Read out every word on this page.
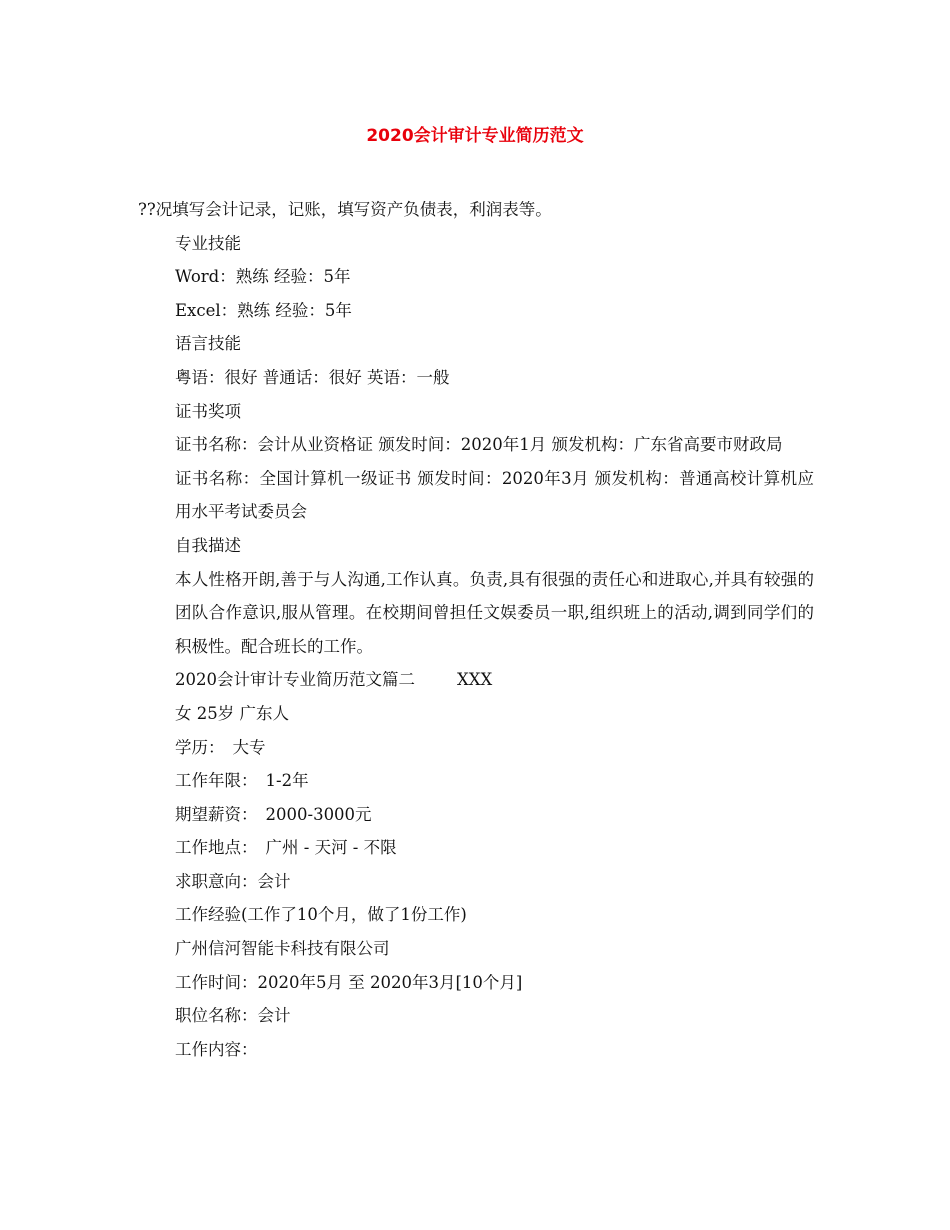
2020会计审计专业简历范文

??况填写会计记录，记账，填写资产负债表，利润表等。

专业技能

Word：熟练 经验：5年

Excel：熟练 经验：5年

语言技能

粤语：很好 普通话：很好 英语：一般

证书奖项

证书名称：会计从业资格证 颁发时间：2020年1月 颁发机构：广东省高要市财政局

证书名称：全国计算机一级证书 颁发时间：2020年3月 颁发机构：普通高校计算机应用水平考试委员会

自我描述

本人性格开朗,善于与人沟通,工作认真。负责,具有很强的责任心和进取心,并具有较强的团队合作意识,服从管理。在校期间曾担任文娱委员一职,组织班上的活动,调到同学们的积极性。配合班长的工作。

2020会计审计专业简历范文篇二	XXX

女 25岁 广东人

学历： 大专

工作年限： 1-2年

期望薪资： 2000-3000元

工作地点： 广州 - 天河 - 不限

求职意向：会计

工作经验(工作了10个月，做了1份工作)

广州信河智能卡科技有限公司

工作时间：2020年5月 至 2020年3月[10个月]

职位名称：会计

工作内容：
